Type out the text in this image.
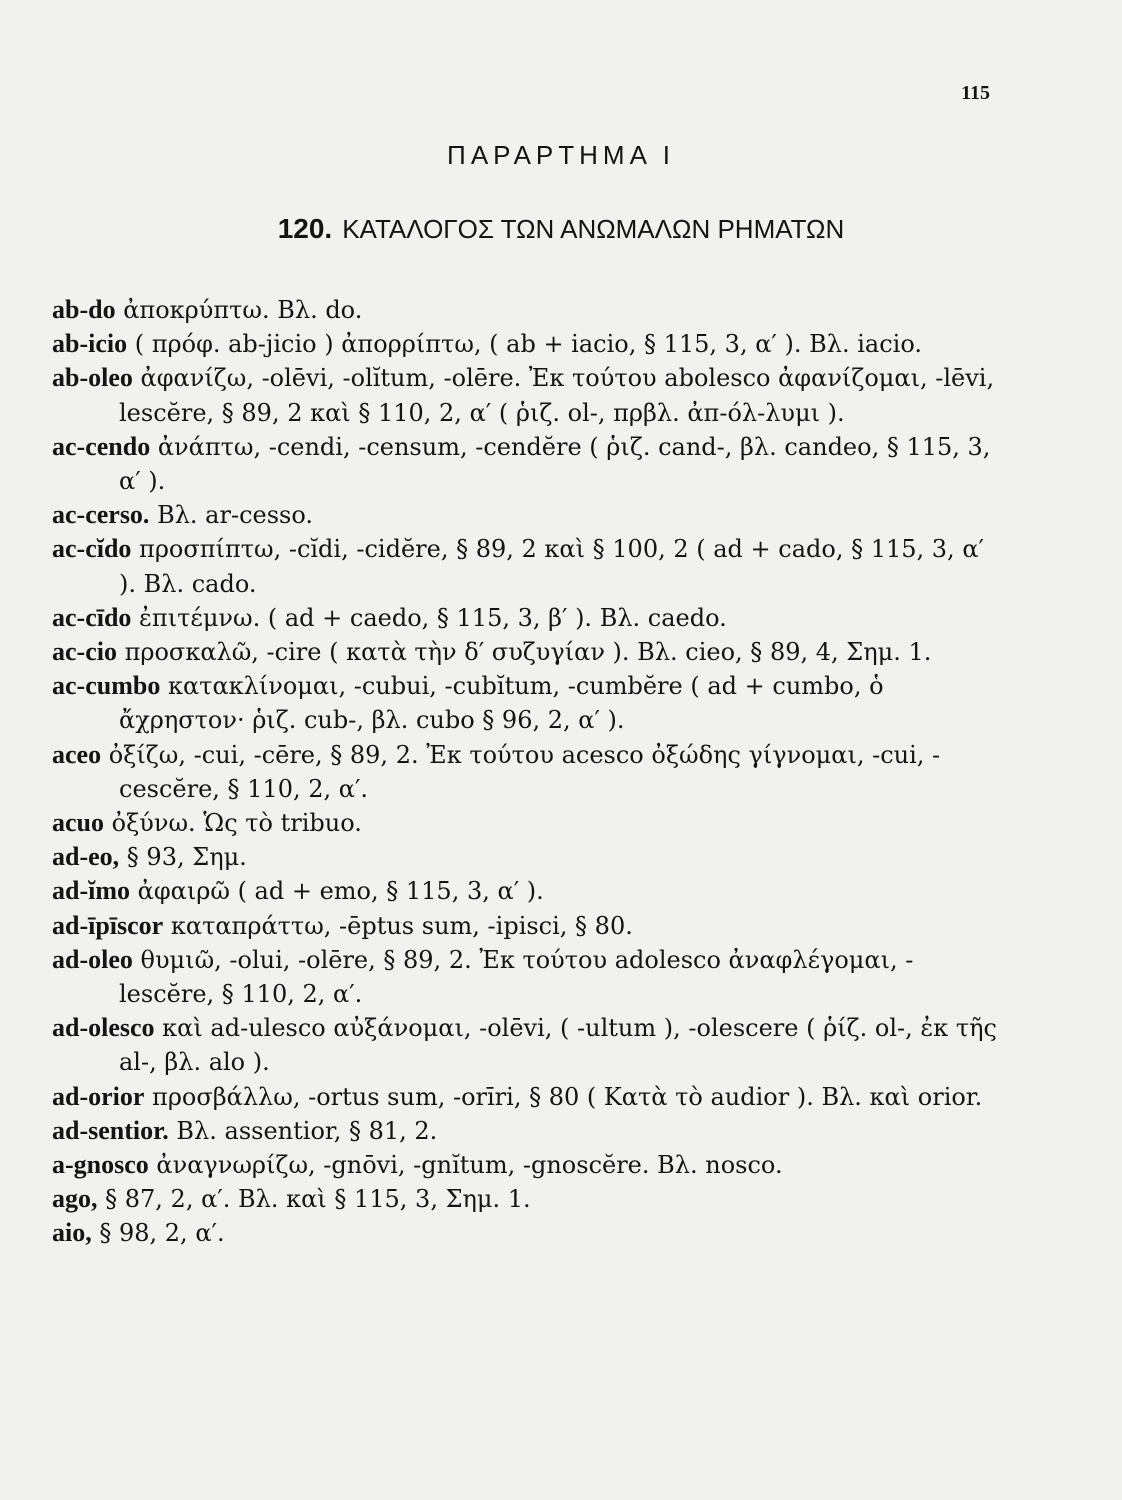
115
ΠΑΡΑΡΤΗΜΑ Ι
120. ΚΑΤΑΛΟΓΟΣ ΤΩΝ ΑΝΩΜΑΛΩΝ ΡΗΜΑΤΩΝ
ab-do ἀποκρύπτω. Βλ. do.
ab-icio ( πρόφ. ab-jicio ) ἀπορρίπτω, ( ab + iacio, § 115, 3, α′ ). Βλ. iacio.
ab-oleo ἀφανίζω, -olēvi, -olĭtum, -olēre. Ἐκ τούτου abolesco ἀφανίζομαι, -lēvi, lescĕre, § 89, 2 καὶ § 110, 2, α′ ( ῥιζ. ol-, πρβλ. ἀπ-όλ-λυμι ).
ac-cendo ἀνάπτω, -cendi, -censum, -cendĕre ( ῥιζ. cand-, βλ. candeo, § 115, 3, α′ ).
ac-cerso. Βλ. ar-cesso.
ac-cĭdo προσπίπτω, -cĭdi, -cidĕre, § 89, 2 καὶ § 100, 2 ( ad + cado, § 115, 3, α′ ). Βλ. cado.
ac-cīdo ἐπιτέμνω. ( ad + caedo, § 115, 3, β′ ). Βλ. caedo.
ac-cio προσκαλῶ, -cire ( κατὰ τὴν δ′ συζυγίαν ). Βλ. cieo, § 89, 4, Σημ. 1.
ac-cumbo κατακλίνομαι, -cubui, -cubĭtum, -cumbĕre ( ad + cumbo, ὁ ἄχρηστον· ῥιζ. cub-, βλ. cubo § 96, 2, α′ ).
aceo ὀξίζω, -cui, -cēre, § 89, 2. Ἐκ τούτου acesco ὀξώδης γίγνομαι, -cui, -cescĕre, § 110, 2, α′.
acuo ὀξύνω. Ὡς τὸ tribuo.
ad-eo, § 93, Σημ.
ad-ĭmo ἀφαιρῶ ( ad + emo, § 115, 3, α′ ).
ad-īpīscor καταπράττω, -ēptus sum, -ipisci, § 80.
ad-oleo θυμιῶ, -olui, -olēre, § 89, 2. Ἐκ τούτου adolesco ἀναφλέγομαι, -lescĕre, § 110, 2, α′.
ad-olesco καὶ ad-ulesco αὐξάνομαι, -olēvi, ( -ultum ), -olescere ( ῥίζ. ol-, ἐκ τῆς al-, βλ. alo ).
ad-orior προσβάλλω, -ortus sum, -orīri, § 80 ( Κατὰ τὸ audior ). Βλ. καὶ orior.
ad-sentior. Βλ. assentior, § 81, 2.
a-gnosco ἀναγνωρίζω, -gnōvi, -gnĭtum, -gnoscĕre. Βλ. nosco.
ago, § 87, 2, α′. Βλ. καὶ § 115, 3, Σημ. 1.
aio, § 98, 2, α′.
